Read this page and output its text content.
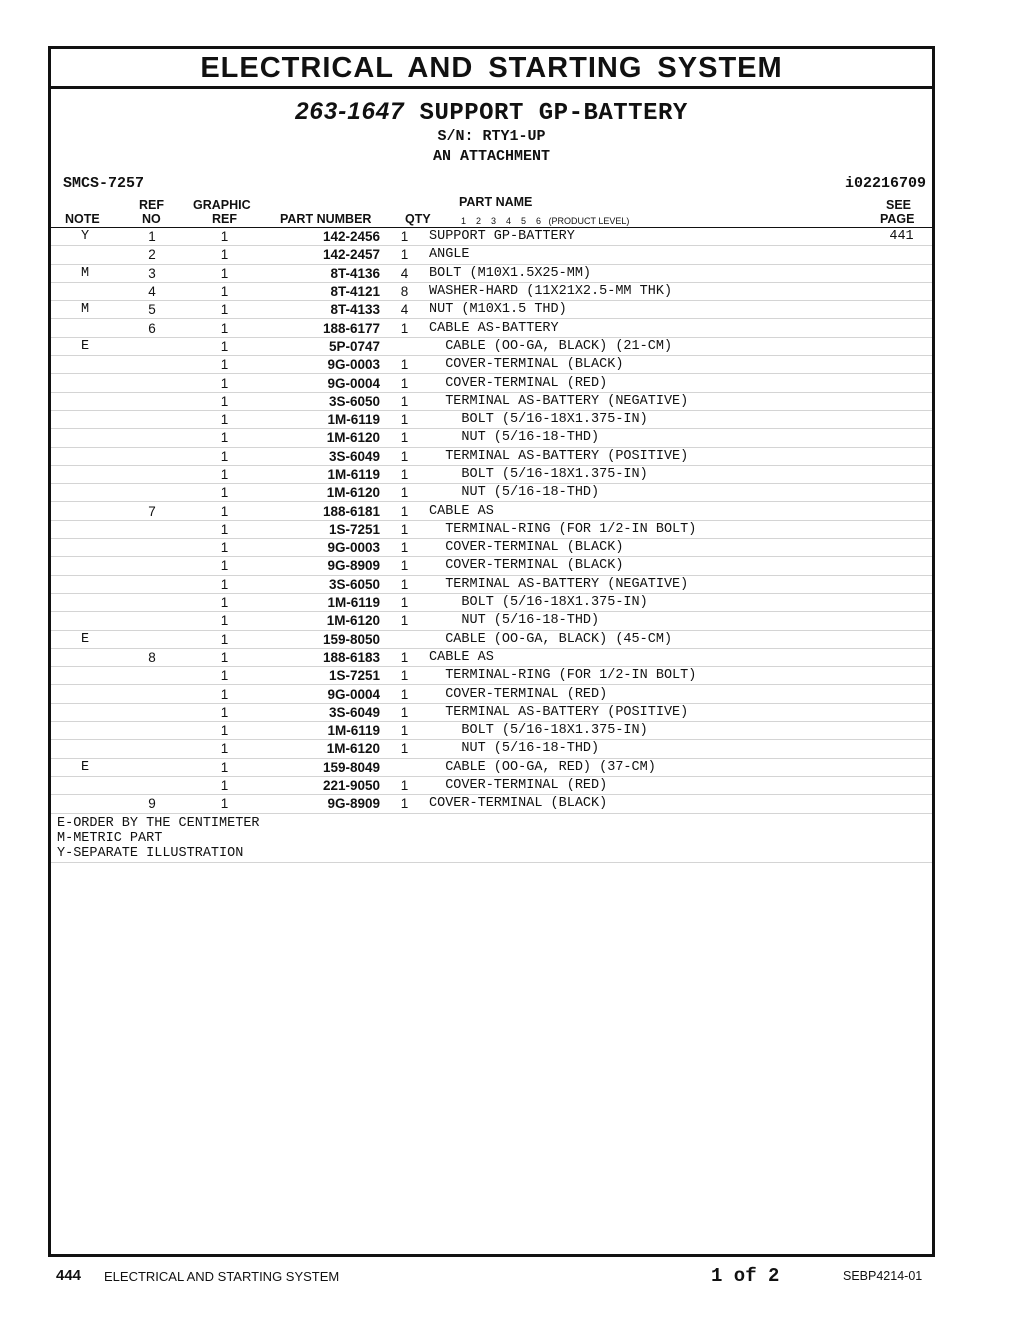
ELECTRICAL AND STARTING SYSTEM
263-1647 SUPPORT GP-BATTERY
S/N: RTY1-UP
AN ATTACHMENT
SMCS-7257	i02216709
NOTE
REF
NO
GRAPHIC
REF	PART NUMBER	QTY
PART NAME
1    2    3    4    5    6   (PRODUCT LEVEL)
SEE
PAGE
Y	1	1	142-2456	1	SUPPORT GP-BATTERY	441
	2	1	142-2457	1	ANGLE	
M	3	1	8T-4136	4	BOLT (M10X1.5X25-MM)	
	4	1	8T-4121	8	WASHER-HARD (11X21X2.5-MM THK)	
M	5	1	8T-4133	4	NUT (M10X1.5 THD)	
	6	1	188-6177	1	CABLE AS-BATTERY	
E		1	5P-0747		CABLE (OO-GA, BLACK) (21-CM)	
		1	9G-0003	1	COVER-TERMINAL (BLACK)	
		1	9G-0004	1	COVER-TERMINAL (RED)	
		1	3S-6050	1	TERMINAL AS-BATTERY (NEGATIVE)	
		1	1M-6119	1	BOLT (5/16-18X1.375-IN)	
		1	1M-6120	1	NUT (5/16-18-THD)	
		1	3S-6049	1	TERMINAL AS-BATTERY (POSITIVE)	
		1	1M-6119	1	BOLT (5/16-18X1.375-IN)	
		1	1M-6120	1	NUT (5/16-18-THD)	
	7	1	188-6181	1	CABLE AS	
		1	1S-7251	1	TERMINAL-RING (FOR 1/2-IN BOLT)	
		1	9G-0003	1	COVER-TERMINAL (BLACK)	
		1	9G-8909	1	COVER-TERMINAL (BLACK)	
		1	3S-6050	1	TERMINAL AS-BATTERY (NEGATIVE)	
		1	1M-6119	1	BOLT (5/16-18X1.375-IN)	
		1	1M-6120	1	NUT (5/16-18-THD)	
E		1	159-8050		CABLE (OO-GA, BLACK) (45-CM)	
	8	1	188-6183	1	CABLE AS	
		1	1S-7251	1	TERMINAL-RING (FOR 1/2-IN BOLT)	
		1	9G-0004	1	COVER-TERMINAL (RED)	
		1	3S-6049	1	TERMINAL AS-BATTERY (POSITIVE)	
		1	1M-6119	1	BOLT (5/16-18X1.375-IN)	
		1	1M-6120	1	NUT (5/16-18-THD)	
E		1	159-8049		CABLE (OO-GA, RED) (37-CM)	
		1	221-9050	1	COVER-TERMINAL (RED)	
	9	1	9G-8909	1	COVER-TERMINAL (BLACK)	
E-ORDER BY THE CENTIMETER
M-METRIC PART
Y-SEPARATE ILLUSTRATION
444 ELECTRICAL AND STARTING SYSTEM	1 of 2	SEBP4214-01
